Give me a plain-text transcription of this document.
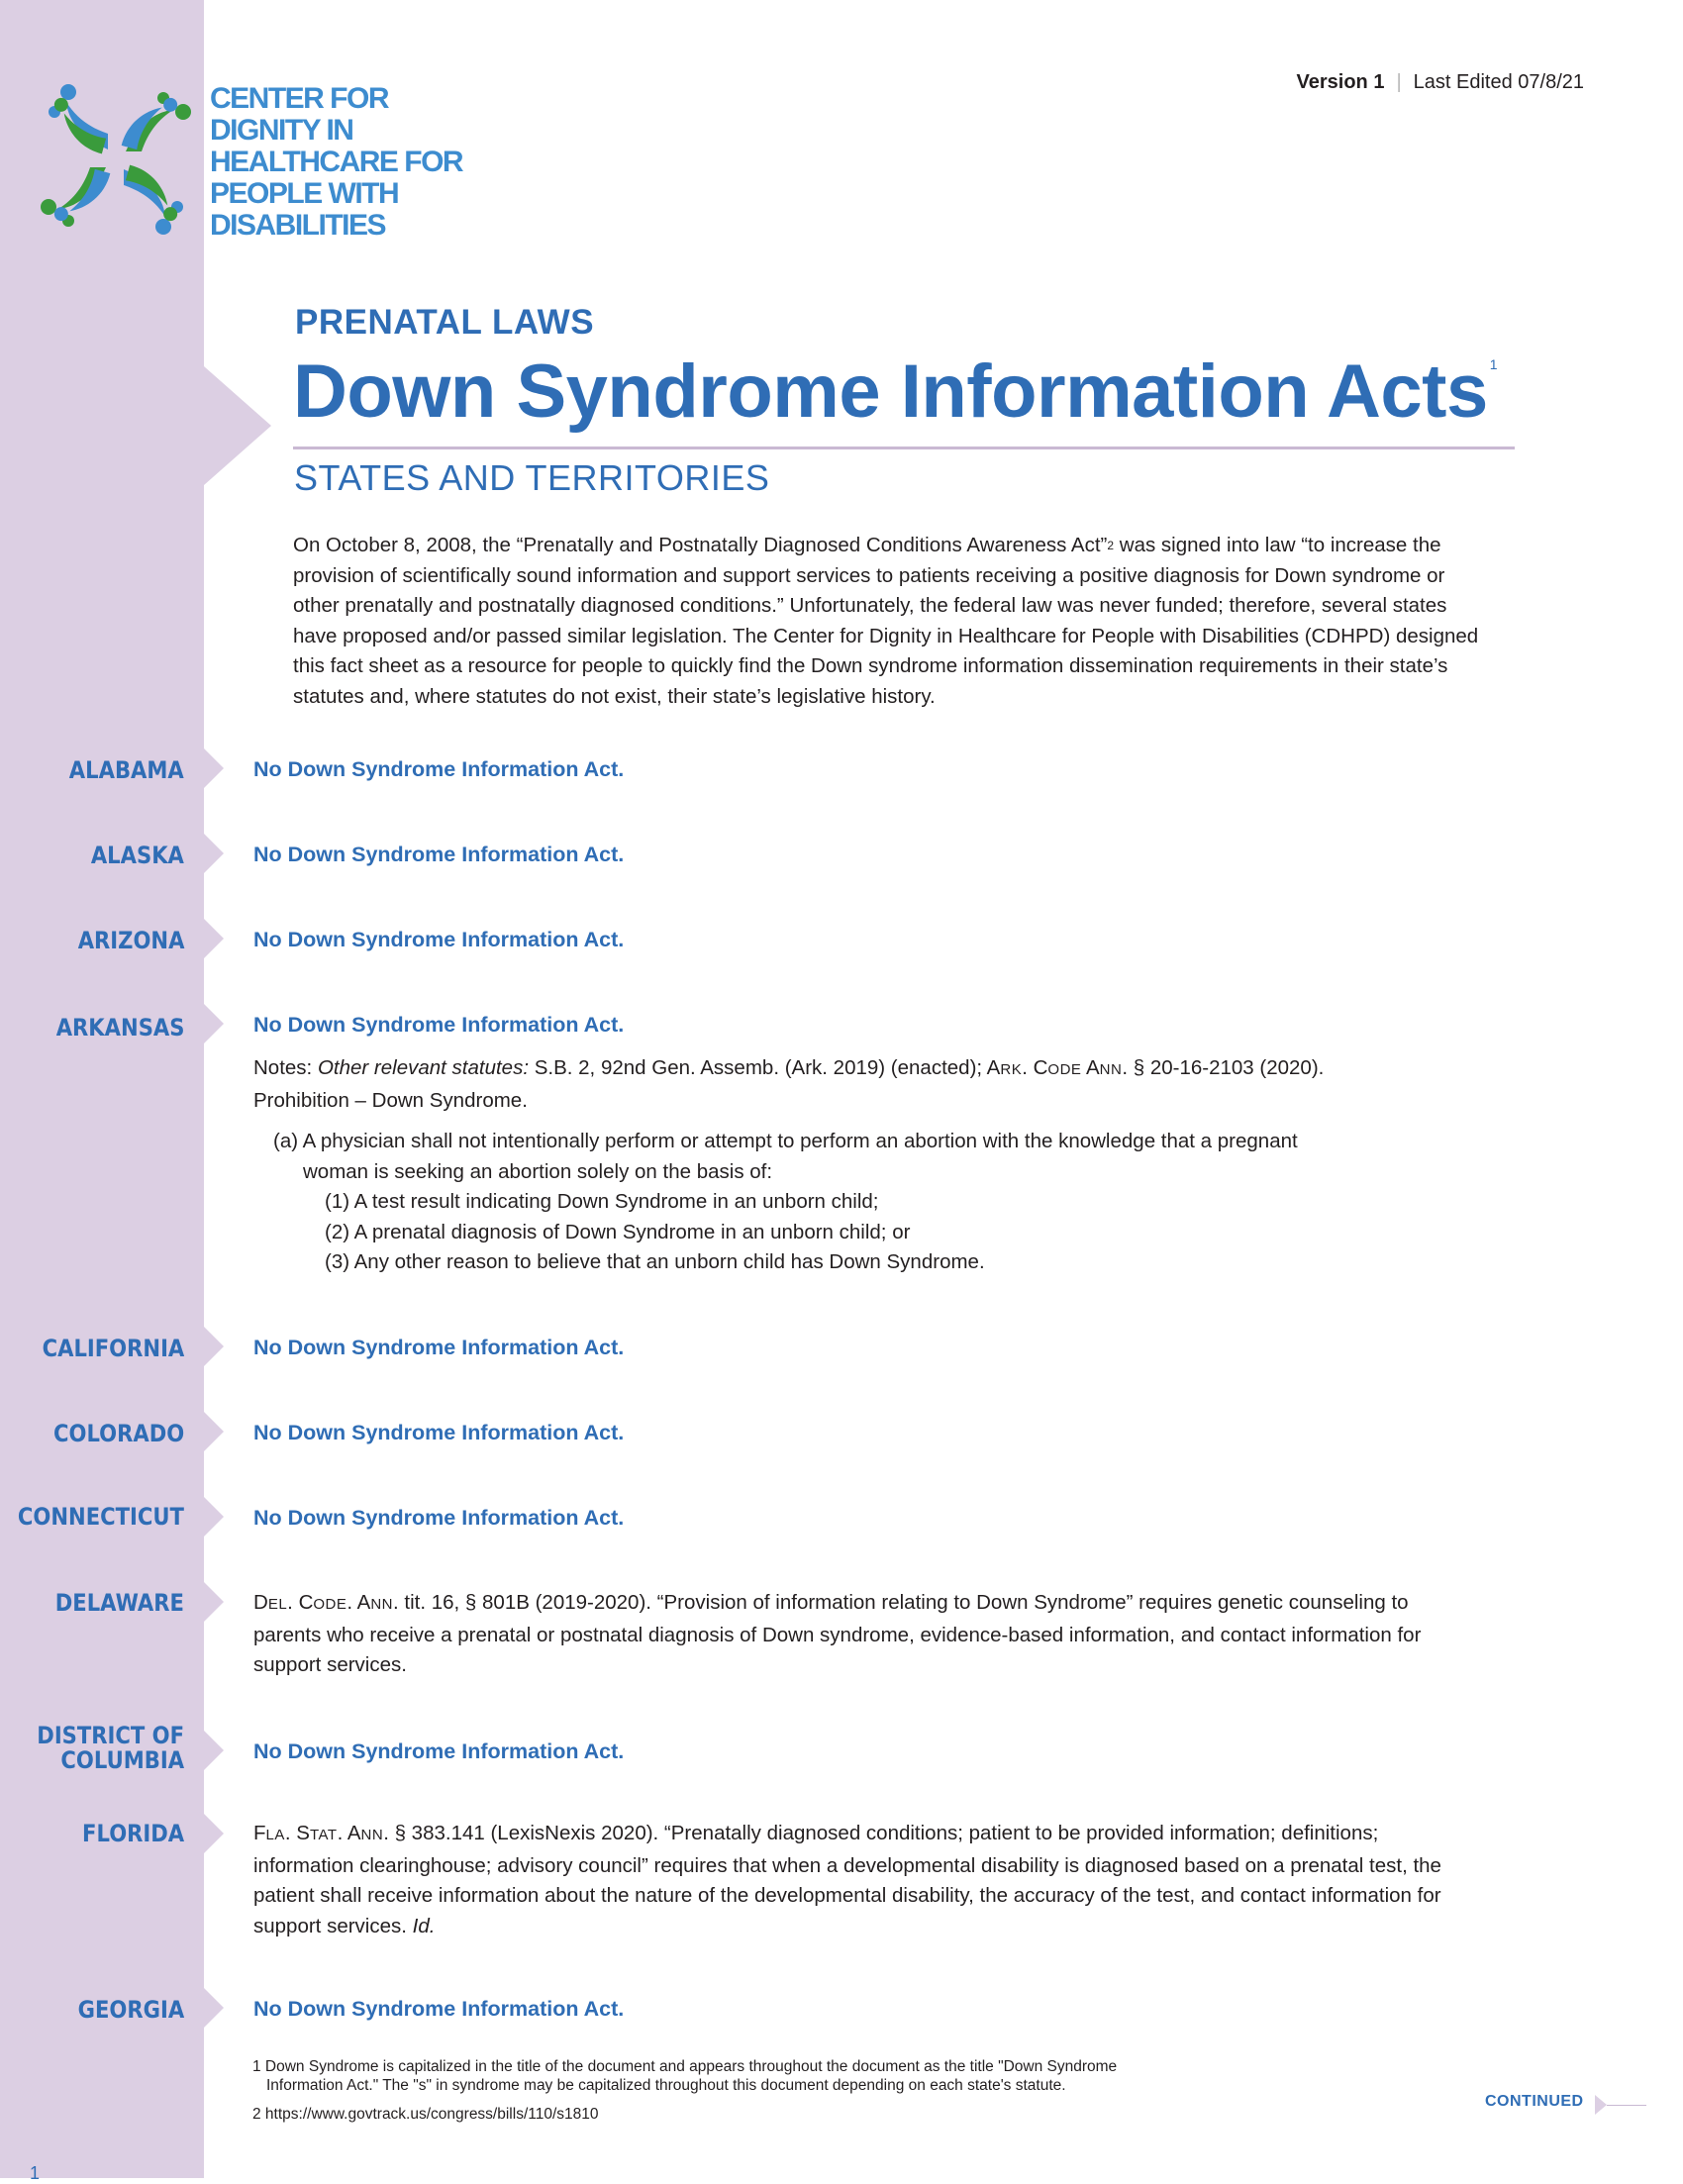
CENTER FOR
DIGNITY IN
HEALTHCARE FOR
PEOPLE WITH
DISABILITIES
Version 1 | Last Edited 07/8/21
PRENATAL LAWS
Down Syndrome Information Acts $^1$
STATES AND TERRITORIES

On October 8, 2008, the “Prenatally and Postnatally Diagnosed Conditions Awareness Act”$^2$ was signed into law “to increase the provision of scientifically sound information and support services to patients receiving a positive diagnosis for Down syndrome or other prenatally and postnatally diagnosed conditions.” Unfortunately, the federal law was never funded; therefore, several states have proposed and/or passed similar legislation. The Center for Dignity in Healthcare for People with Disabilities (CDHPD) designed this fact sheet as a resource for people to quickly find the Down syndrome information dissemination requirements in their state’s statutes and, where statutes do not exist, their state’s legislative history.

ALABAMA	No Down Syndrome Information Act.

ALASKA	No Down Syndrome Information Act.

ARIZONA	No Down Syndrome Information Act.

ARKANSAS	No Down Syndrome Information Act.

Notes: Other relevant statutes: S.B. 2, 92nd Gen. Assemb. (Ark. 2019) (enacted); ARK. CODE ANN. § 20-16-2103 (2020).
Prohibition – Down Syndrome.

(a) A physician shall not intentionally perform or attempt to perform an abortion with the knowledge that a pregnant

woman is seeking an abortion solely on the basis of:
(1) A test result indicating Down Syndrome in an unborn child;
(2) A prenatal diagnosis of Down Syndrome in an unborn child; or
(3) Any other reason to believe that an unborn child has Down Syndrome.

CALIFORNIA	No Down Syndrome Information Act.

COLORADO	No Down Syndrome Information Act.

CONNECTICUT	No Down Syndrome Information Act.

DELAWARE	DEL. CODE. ANN. tit. 16, § 801B (2019-2020). “Provision of information relating to Down Syndrome” requires genetic counseling to parents who receive a prenatal or postnatal diagnosis of Down syndrome, evidence-based information, and contact information for support services.

DISTRICT OF
COLUMBIA	No Down Syndrome Information Act.

FLORIDA	FLA. STAT. ANN. § 383.141 (LexisNexis 2020). “Prenatally diagnosed conditions; patient to be provided information; definitions; information clearinghouse; advisory council” requires that when a developmental disability is diagnosed based on a prenatal test, the patient shall receive information about the nature of the developmental disability, the accuracy of the test, and contact information for support services. Id.

GEORGIA	No Down Syndrome Information Act.

1 Down Syndrome is capitalized in the title of the document and appears throughout the document as the title "Down Syndrome

Information Act." The "s" in syndrome may be capitalized throughout this document depending on each state's statute.

2 https://www.govtrack.us/congress/bills/110/s1810

CONTINUED
1
